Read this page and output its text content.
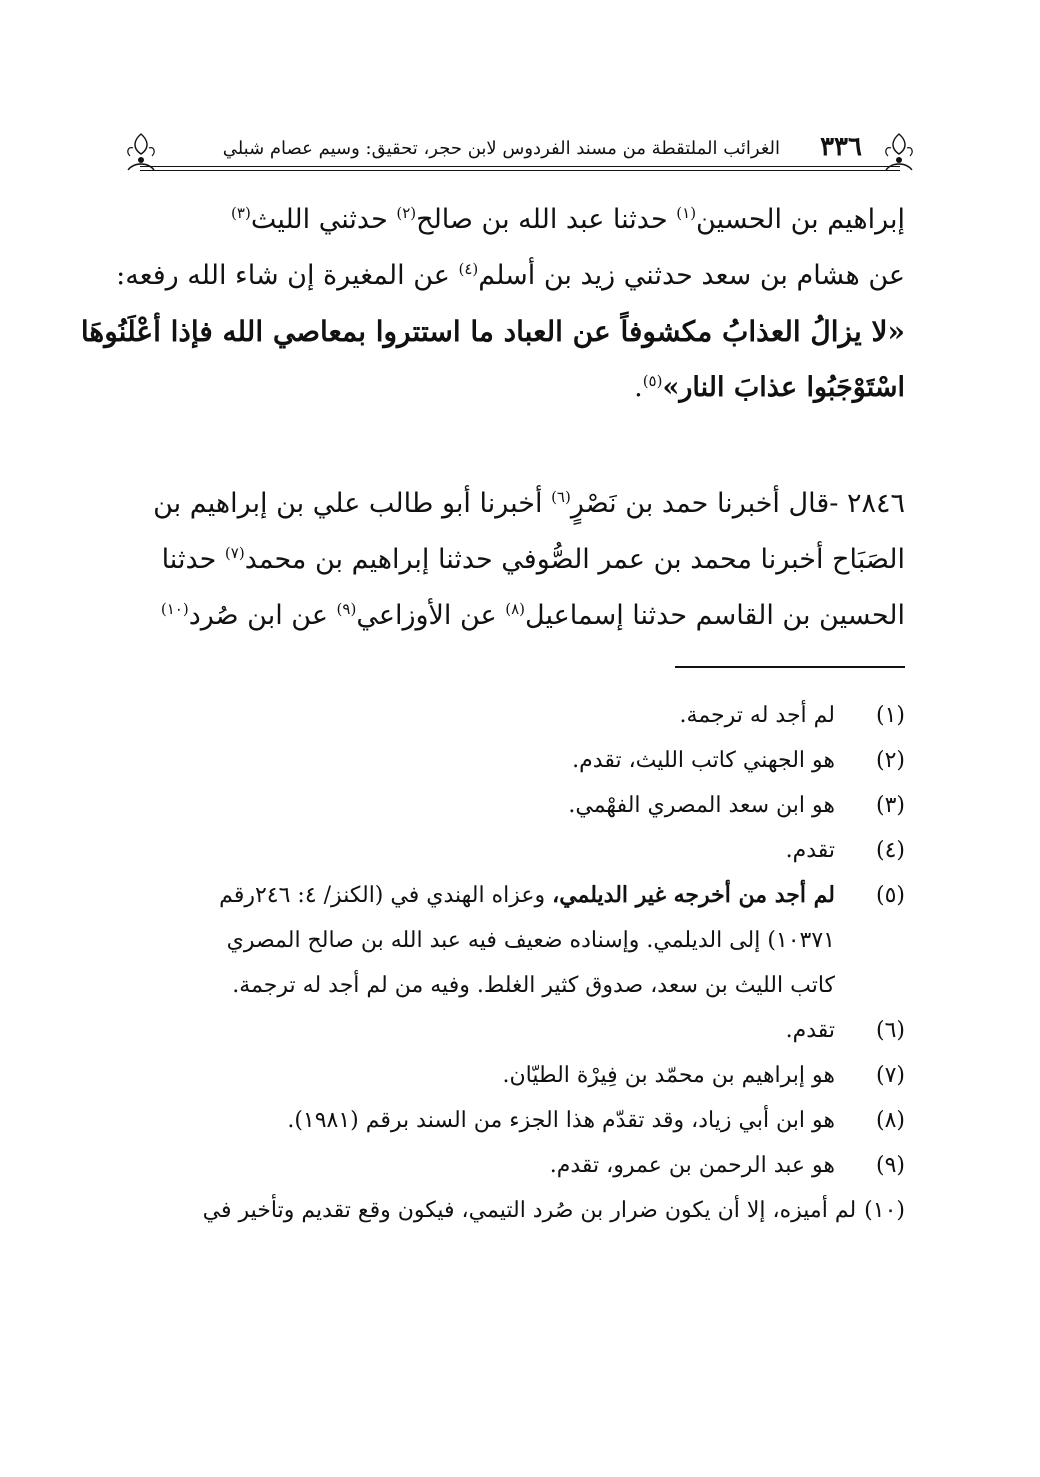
٣٣٦
الغرائب الملتقطة من مسند الفردوس لابن حجر، تحقيق: وسيم عصام شبلي
إبراهيم بن الحسين$^{(١)}$ حدثنا عبد الله بن صالح$^{(٢)}$ حدثني الليث$^{(٣)}$
عن هشام بن سعد حدثني زيد بن أسلم$^{(٤)}$ عن المغيرة إن شاء الله رفعه:
«لا يزالُ العذابُ مكشوفاً عن العباد ما استتروا بمعاصي الله فإذا أعْلَنُوهَا
اسْتَوْجَبُوا عذابَ النار»$^{(٥)}$.
٢٨٤٦ -قال أخبرنا حمد بن نَصْرٍ$^{(٦)}$ أخبرنا أبو طالب علي بن إبراهيم بن
الصَبَاح أخبرنا محمد بن عمر الصُّوفي حدثنا إبراهيم بن محمد$^{(٧)}$ حدثنا
الحسين بن القاسم حدثنا إسماعيل$^{(٨)}$ عن الأوزاعي$^{(٩)}$ عن ابن صُرد$^{(١٠)}$
(١)
لم أجد له ترجمة.
(٢)
هو الجهني كاتب الليث، تقدم.
(٣)
هو ابن سعد المصري الفهْمي.
(٤)
تقدم.
(٥)
لم أجد من أخرجه غير الديلمي، وعزاه الهندي في (الكنز/ ٤: ٢٤٦رقم
١٠٣٧١) إلى الديلمي. وإسناده ضعيف فيه عبد الله بن صالح المصري
كاتب الليث بن سعد، صدوق كثير الغلط. وفيه من لم أجد له ترجمة.
(٦)
تقدم.
(٧)
هو إبراهيم بن محمّد بن فِيرْة الطيّان.
(٨)
هو ابن أبي زياد، وقد تقدّم هذا الجزء من السند برقم (١٩٨١).
(٩)
هو عبد الرحمن بن عمرو، تقدم.
(١٠)
لم أميزه، إلا أن يكون ضرار بن صُرد التيمي، فيكون وقع تقديم وتأخير في
